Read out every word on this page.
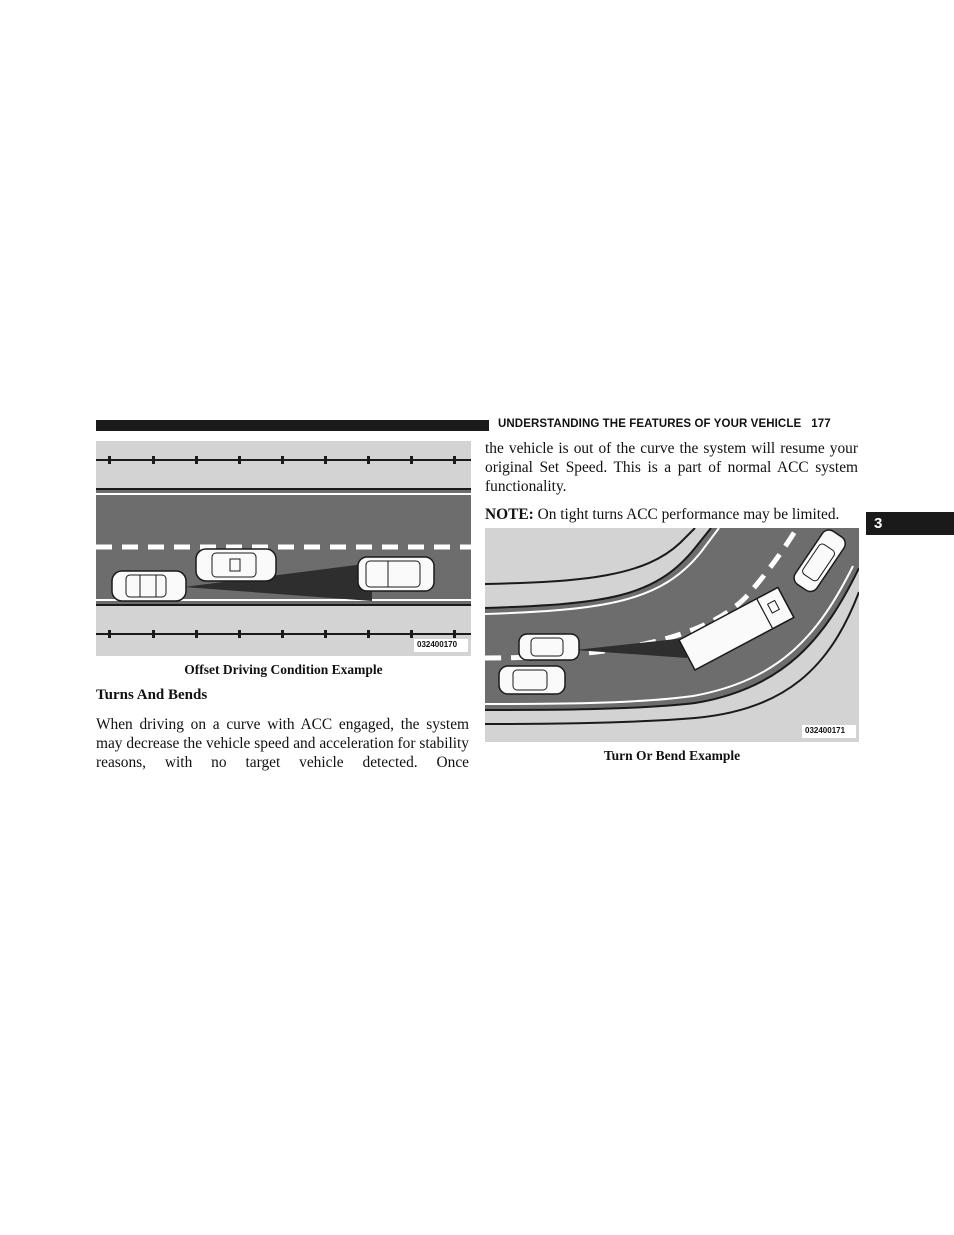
UNDERSTANDING THE FEATURES OF YOUR VEHICLE 177
3
032400170
Offset Driving Condition Example
Turns And Bends

When driving on a curve with ACC engaged, the system may decrease the vehicle speed and acceleration for stability reasons, with no target vehicle detected. Once

the vehicle is out of the curve the system will resume your original Set Speed. This is a part of normal ACC system functionality.

NOTE: On tight turns ACC performance may be limited.

032400171
Turn Or Bend Example
